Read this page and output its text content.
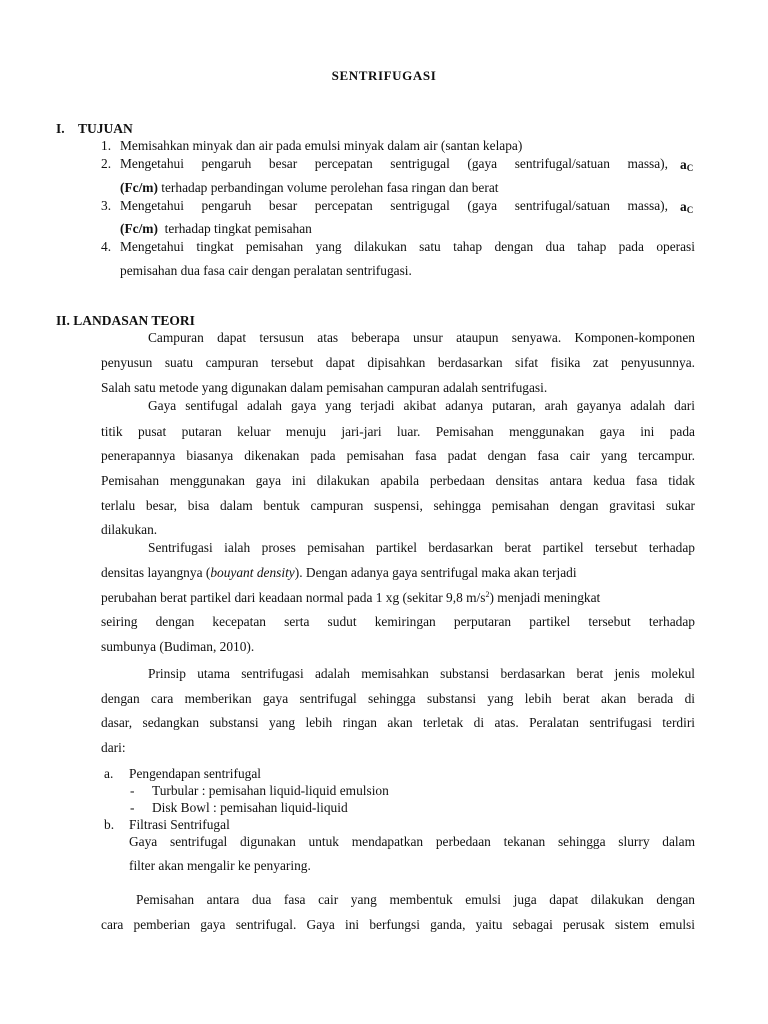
SENTRIFUGASI
I. TUJUAN
1. Memisahkan minyak dan air pada emulsi minyak dalam air (santan kelapa)
2. Mengetahui pengaruh besar percepatan sentrigugal (gaya sentrifugal/satuan massa), $a_C$
(Fc/m) terhadap perbandingan volume perolehan fasa ringan dan berat
3. Mengetahui pengaruh besar percepatan sentrigugal (gaya sentrifugal/satuan massa), $a_C$
(Fc/m)  terhadap tingkat pemisahan
4. Mengetahui tingkat pemisahan yang dilakukan satu tahap dengan dua tahap pada operasi
pemisahan dua fasa cair dengan peralatan sentrifugasi.
II. LANDASAN TEORI
Campuran dapat tersusun atas beberapa unsur ataupun senyawa. Komponen-komponen
penyusun suatu campuran tersebut dapat dipisahkan berdasarkan sifat fisika zat penyusunnya.
Salah satu metode yang digunakan dalam pemisahan campuran adalah sentrifugasi.
Gaya sentifugal adalah gaya yang terjadi akibat adanya putaran, arah gayanya adalah dari
titik pusat putaran keluar menuju jari-jari luar. Pemisahan menggunakan gaya ini pada
penerapannya biasanya dikenakan pada pemisahan fasa padat dengan fasa cair yang tercampur.
Pemisahan menggunakan gaya ini dilakukan apabila perbedaan densitas antara kedua fasa tidak
terlalu besar, bisa dalam bentuk campuran suspensi, sehingga pemisahan dengan gravitasi sukar
dilakukan.
Sentrifugasi ialah proses pemisahan partikel berdasarkan berat partikel tersebut terhadap
densitas layangnya (bouyant density). Dengan adanya gaya sentrifugal maka akan terjadi
perubahan berat partikel dari keadaan normal pada 1 xg (sekitar 9,8 $m/s^2$) menjadi meningkat
seiring dengan kecepatan serta sudut kemiringan perputaran partikel tersebut terhadap
sumbunya (Budiman, 2010).
Prinsip utama sentrifugasi adalah memisahkan substansi berdasarkan berat jenis molekul
dengan cara memberikan gaya sentrifugal sehingga substansi yang lebih berat akan berada di
dasar, sedangkan substansi yang lebih ringan akan terletak di atas. Peralatan sentrifugasi terdiri
dari:
a. Pengendapan sentrifugal
- Turbular : pemisahan liquid-liquid emulsion
- Disk Bowl : pemisahan liquid-liquid
b. Filtrasi Sentrifugal
Gaya sentrifugal digunakan untuk mendapatkan perbedaan tekanan sehingga slurry dalam
filter akan mengalir ke penyaring.
Pemisahan antara dua fasa cair yang membentuk emulsi juga dapat dilakukan dengan
cara pemberian gaya sentrifugal. Gaya ini berfungsi ganda, yaitu sebagai perusak sistem emulsi
